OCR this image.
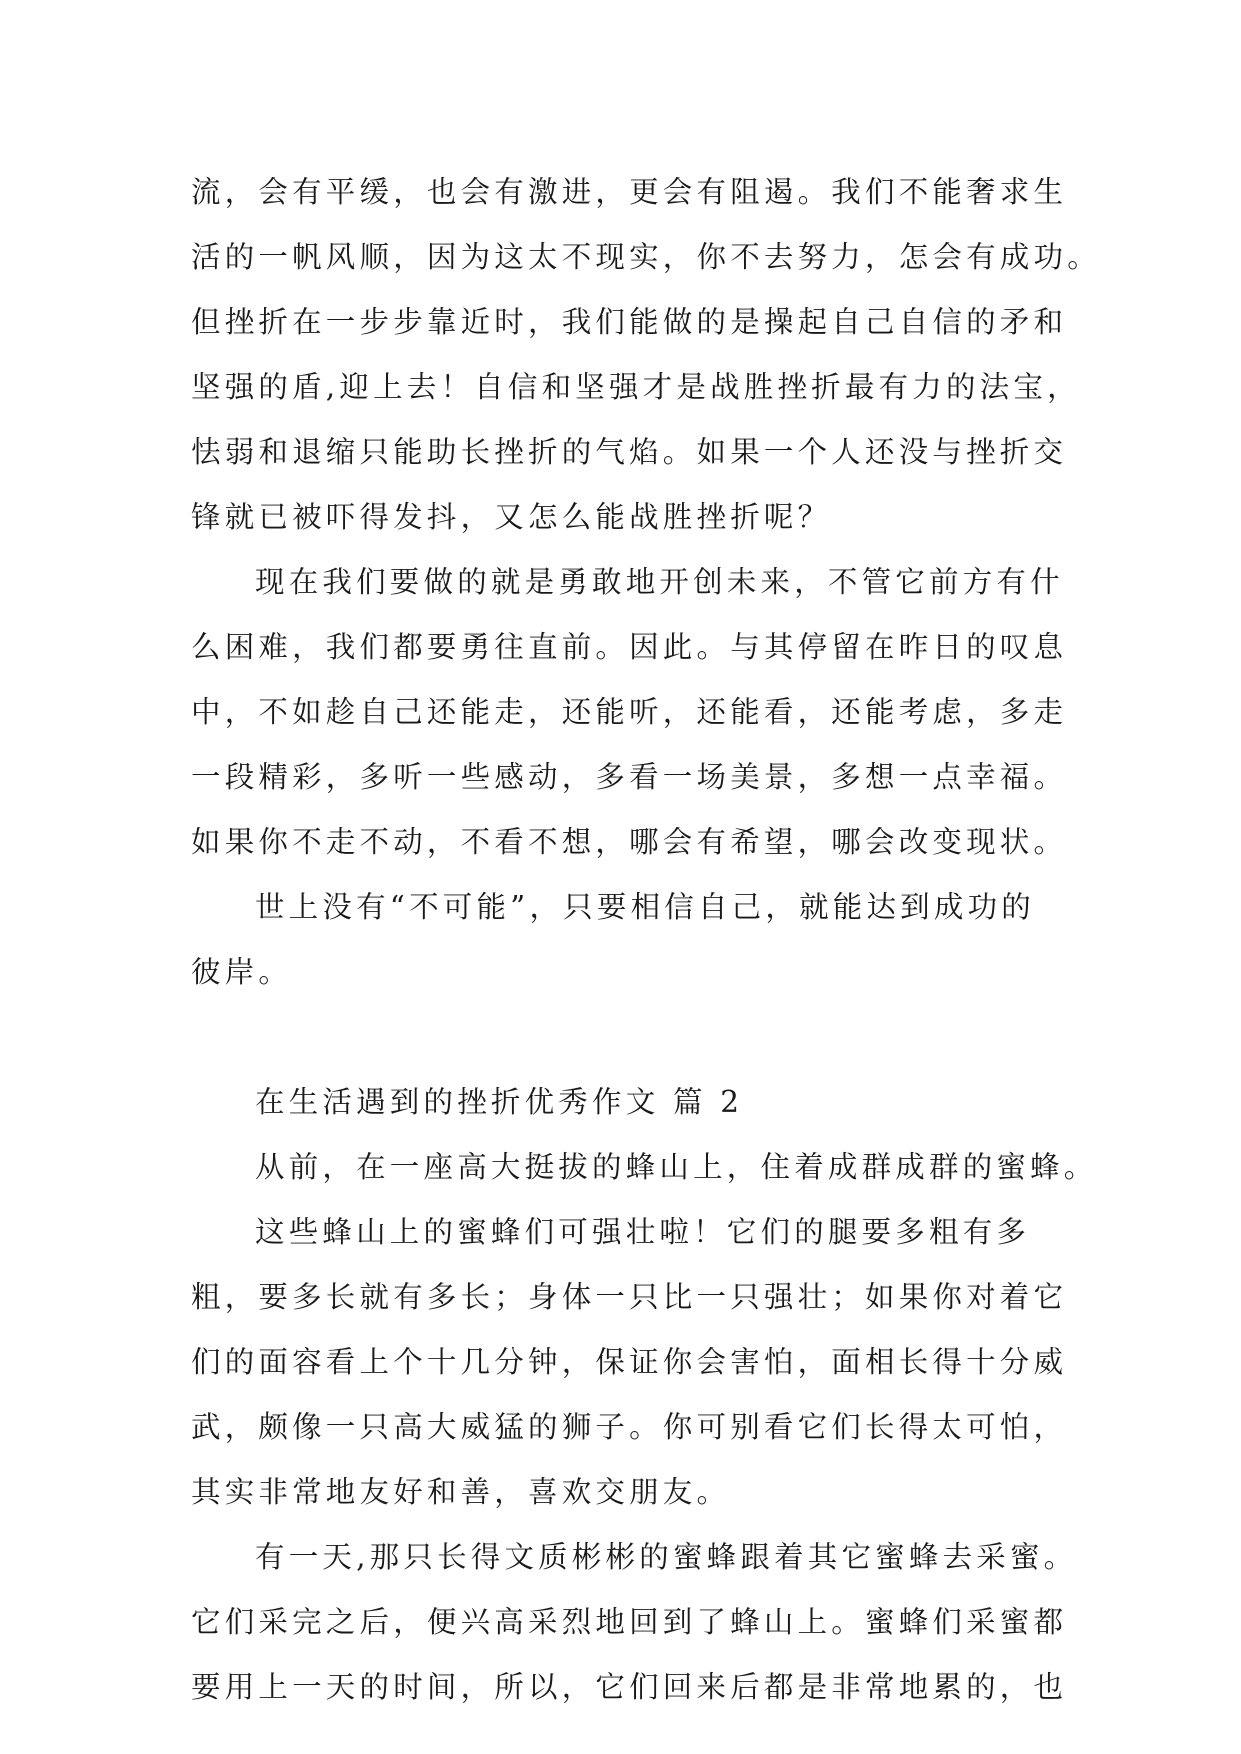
流，会有平缓，也会有激进，更会有阻遏。我们不能奢求生
活的一帆风顺，因为这太不现实，你不去努力，怎会有成功。
但挫折在一步步靠近时，我们能做的是操起自己自信的矛和
坚强的盾,迎上去！自信和坚强才是战胜挫折最有力的法宝，
怯弱和退缩只能助长挫折的气焰。如果一个人还没与挫折交
锋就已被吓得发抖，又怎么能战胜挫折呢？
现在我们要做的就是勇敢地开创未来，不管它前方有什
么困难，我们都要勇往直前。因此。与其停留在昨日的叹息
中，不如趁自己还能走，还能听，还能看，还能考虑，多走
一段精彩，多听一些感动，多看一场美景，多想一点幸福。
如果你不走不动，不看不想，哪会有希望，哪会改变现状。
世上没有“不可能”，只要相信自己，就能达到成功的
彼岸。
在生活遇到的挫折优秀作文 篇 2
从前，在一座高大挺拔的蜂山上，住着成群成群的蜜蜂。
这些蜂山上的蜜蜂们可强壮啦！它们的腿要多粗有多
粗，要多长就有多长；身体一只比一只强壮；如果你对着它
们的面容看上个十几分钟，保证你会害怕，面相长得十分威
武，颇像一只高大威猛的狮子。你可别看它们长得太可怕，
其实非常地友好和善，喜欢交朋友。
有一天,那只长得文质彬彬的蜜蜂跟着其它蜜蜂去采蜜。
它们采完之后，便兴高采烈地回到了蜂山上。蜜蜂们采蜜都
要用上一天的时间，所以，它们回来后都是非常地累的，也
